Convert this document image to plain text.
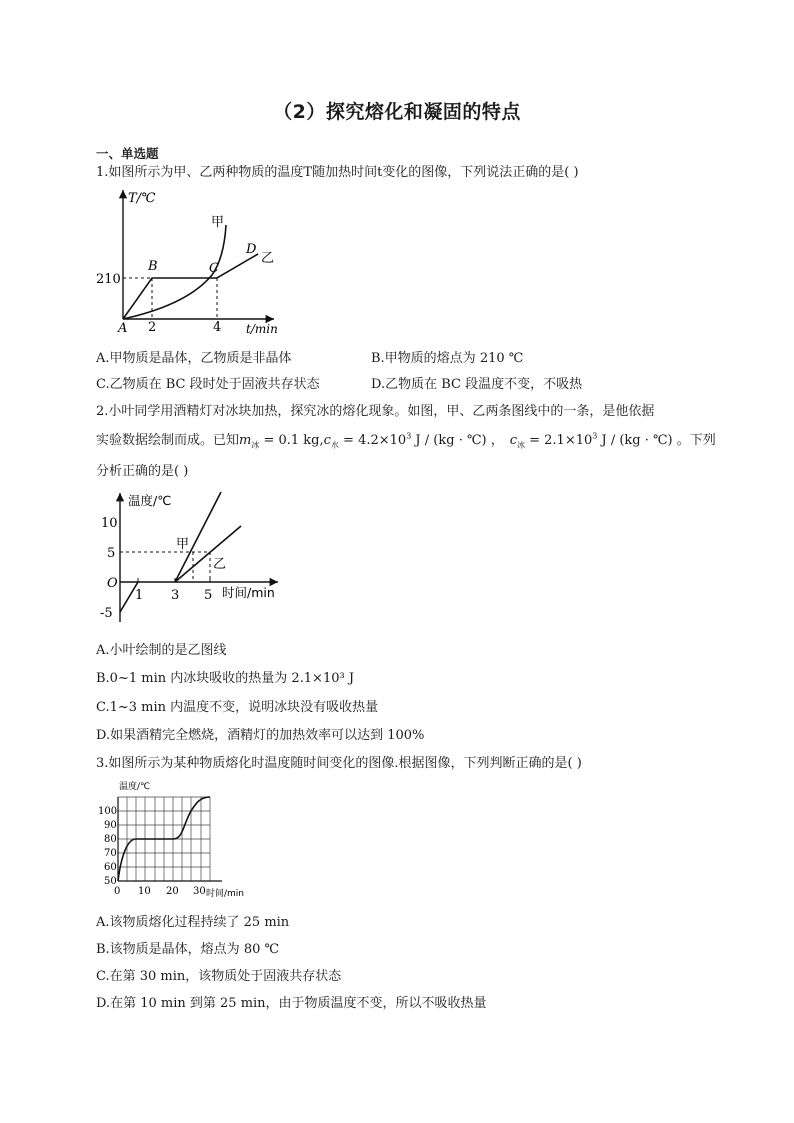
（2）探究熔化和凝固的特点
一、单选题
1.如图所示为甲、乙两种物质的温度T随加热时间t变化的图像，下列说法正确的是( )
T/℃
t/min
210
2	4
A
B	C
D
甲
乙
A.甲物质是晶体，乙物质是非晶体	B.甲物质的熔点为 210 ℃
C.乙物质在 BC 段时处于固液共存状态	D.乙物质在 BC 段温度不变，不吸热
2.小叶同学用酒精灯对冰块加热，探究冰的熔化现象。如图，甲、乙两条图线中的一条，是他依据
实验数据绘制而成。已知$m_冰 = 0.1$ $kg,c_水 = 4.2\times 10^3$ J / (kg · ℃) ， $c_冰 = 2.1\times 10^3$ J / (kg · ℃) 。下列
分析正确的是( )
温度/℃
时间/min
10
5
O
-5
1 3 5
甲
乙
A.小叶绘制的是乙图线
B.0~1 min 内冰块吸收的热量为 2.1×10³ J
C.1~3 min 内温度不变，说明冰块没有吸收热量
D.如果酒精完全燃烧，酒精灯的加热效率可以达到 100%
3.如图所示为某种物质熔化时温度随时间变化的图像.根据图像，下列判断正确的是( )
温度/℃
100
90
80
70
60
50
0 10 20 30 时间/min
A.该物质熔化过程持续了 25 min
B.该物质是晶体，熔点为 80 ℃
C.在第 30 min，该物质处于固液共存状态
D.在第 10 min 到第 25 min，由于物质温度不变，所以不吸收热量
